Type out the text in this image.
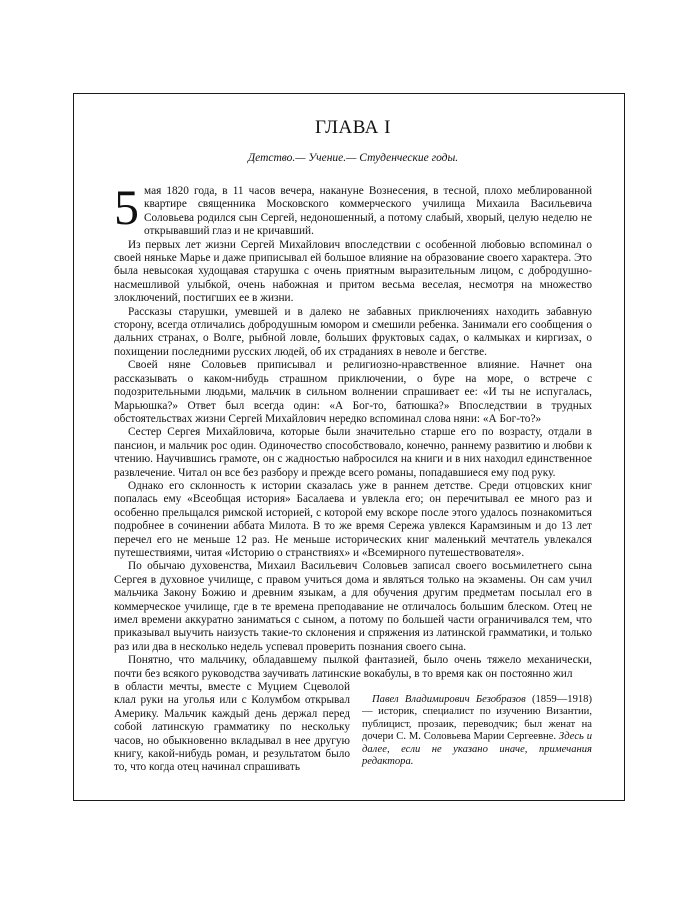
ГЛАВА I
Детство.— Учение.— Студенческие годы.

5 мая 1820 года, в 11 часов вечера, накануне Вознесения, в тесной, плохо меблированной квартире священника Московского коммерческого училища Михаила Васильевича Соловьева родился сын Сергей, недоношенный, а потому слабый, хворый, целую неделю не открывавший глаз и не кричавший.

Из первых лет жизни Сергей Михайлович впоследствии с особенной любовью вспоминал о своей няньке Марье и даже приписывал ей большое влияние на образование своего характера. Это была невысокая худощавая старушка с очень приятным выразительным лицом, с добродушно-насмешливой улыбкой, очень набожная и притом весьма веселая, несмотря на множество злоключений, постигших ее в жизни.

Рассказы старушки, умевшей и в далеко не забавных приключениях находить забавную сторону, всегда отличались добродушным юмором и смешили ребенка. Занимали его сообщения о дальних странах, о Волге, рыбной ловле, больших фруктовых садах, о калмыках и киргизах, о похищении последними русских людей, об их страданиях в неволе и бегстве.

Своей няне Соловьев приписывал и религиозно-нравственное влияние. Начнет она рассказывать о каком-нибудь страшном приключении, о буре на море, о встрече с подозрительными людьми, мальчик в сильном волнении спрашивает ее: «И ты не испугалась, Марьюшка?» Ответ был всегда один: «А Бог-то, батюшка?» Впоследствии в трудных обстоятельствах жизни Сергей Михайлович нередко вспоминал слова няни: «А Бог-то?»

Сестер Сергея Михайловича, которые были значительно старше его по возрасту, отдали в пансион, и мальчик рос один. Одиночество способствовало, конечно, раннему развитию и любви к чтению. Научившись грамоте, он с жадностью набросился на книги и в них находил единственное развлечение. Читал он все без разбору и прежде всего романы, попадавшиеся ему под руку.

Однако его склонность к истории сказалась уже в раннем детстве. Среди отцовских книг попалась ему «Всеобщая история» Басалаева и увлекла его; он перечитывал ее много раз и особенно прельщался римской историей, с которой ему вскоре после этого удалось познакомиться подробнее в сочинении аббата Милота. В то же время Сережа увлекся Карамзиным и до 13 лет перечел его не меньше 12 раз. Не меньше исторических книг маленький мечтатель увлекался путешествиями, читая «Историю о странствиях» и «Всемирного путешествователя».

По обычаю духовенства, Михаил Васильевич Соловьев записал своего восьмилетнего сына Сергея в духовное училище, с правом учиться дома и являться только на экзамены. Он сам учил мальчика Закону Божию и древним языкам, а для обучения другим предметам посылал его в коммерческое училище, где в те времена преподавание не отличалось большим блеском. Отец не имел времени аккуратно заниматься с сыном, а потому по большей части ограничивался тем, что приказывал выучить наизусть такие-то склонения и спряжения из латинской грамматики, и только раз или два в несколько недель успевал проверить познания своего сына.

Понятно, что мальчику, обладавшему пылкой фантазией, было очень тяжело механически, почти без всякого руководства заучивать латинские вокабулы, в то время как он постоянно жил

в области мечты, вместе с Муцием Сцеволой клал руки на уголья или с Колумбом открывал Америку. Мальчик каждый день держал перед собой латинскую грамматику по нескольку часов, но обыкновенно вкладывал в нее другую книгу, какой-нибудь роман, и результатом было то, что когда отец начинал спрашивать

Павел Владимирович Безобразов (1859—1918) — историк, специалист по изучению Византии, публицист, прозаик, переводчик; был женат на дочери С. М. Соловьева Марии Сергеевне. Здесь и далее, если не указано иначе, примечания редактора.
